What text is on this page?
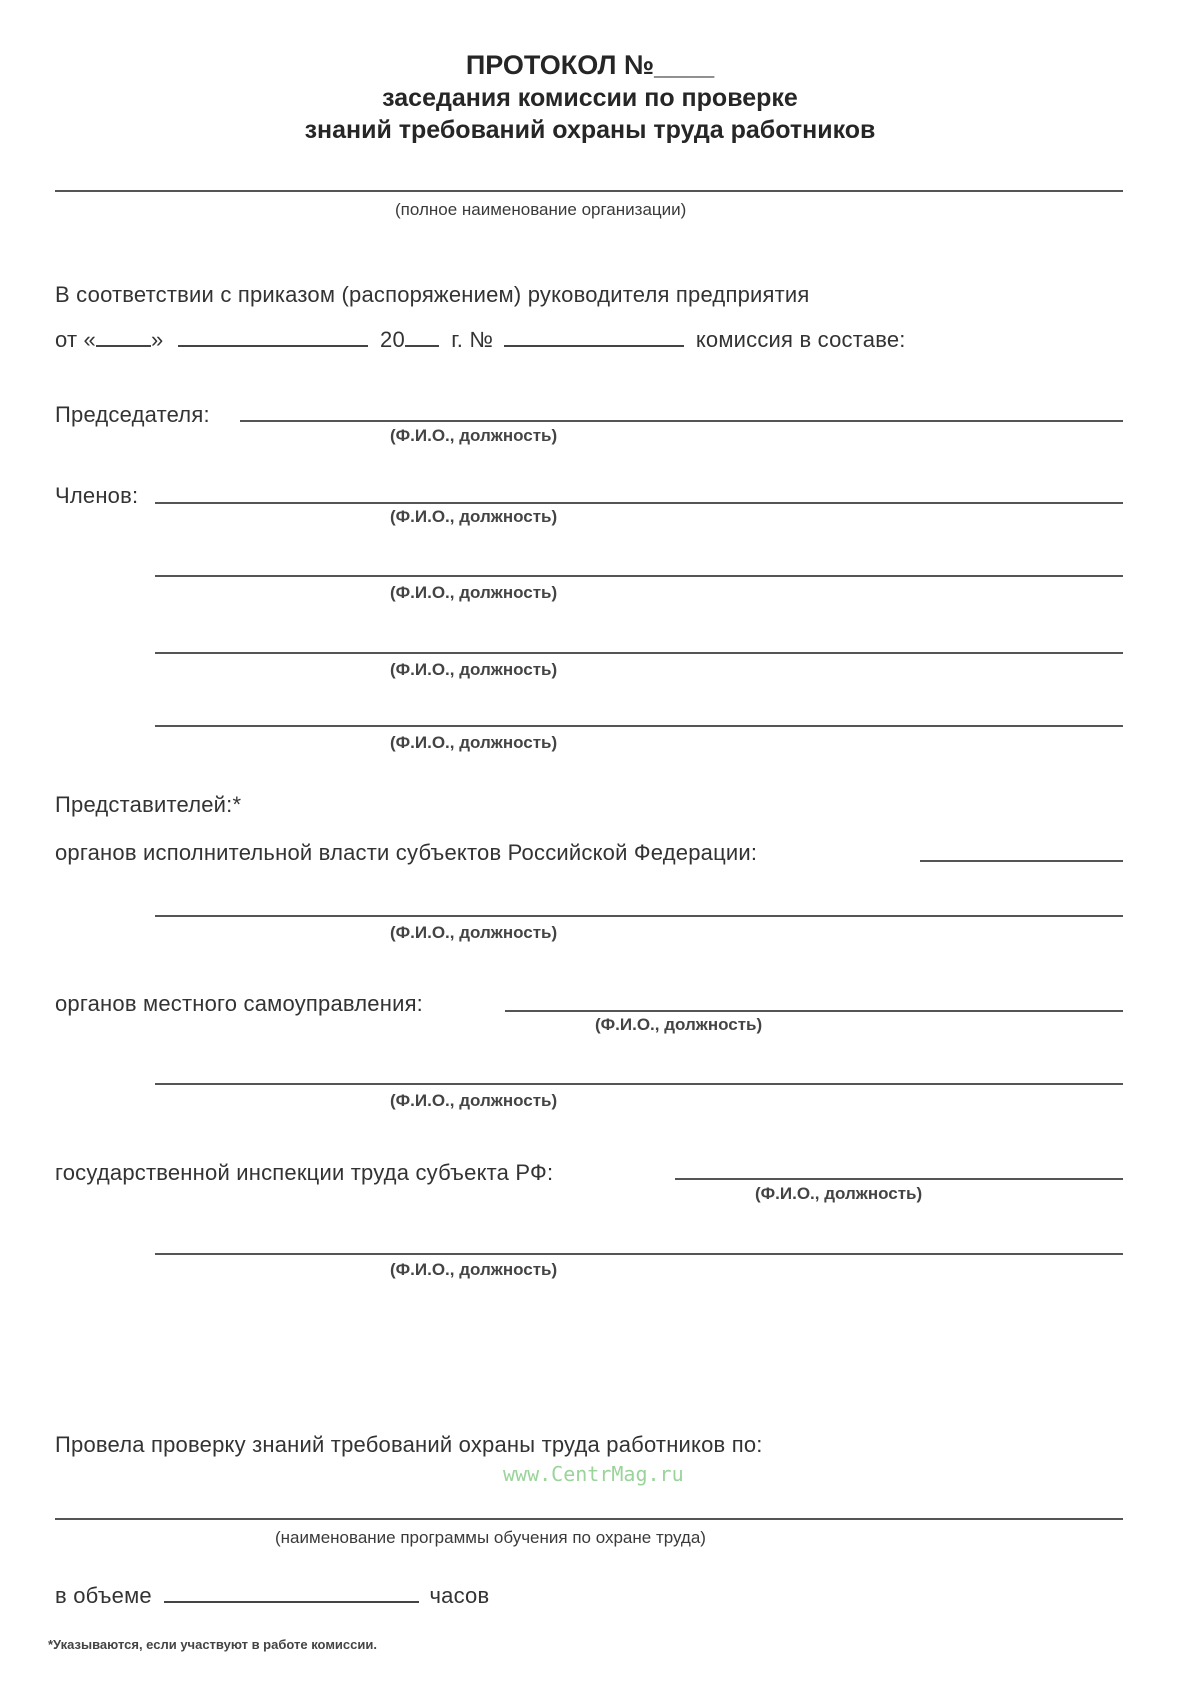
ПРОТОКОЛ №____
заседания комиссии по проверке
знаний требований охраны труда работников
(полное наименование организации)
В соответствии с приказом (распоряжением) руководителя предприятия
от «	»	20 г. №	комиссия в составе:
Председателя:
(Ф.И.О., должность)
Членов:
(Ф.И.О., должность)
(Ф.И.О., должность)
(Ф.И.О., должность)
(Ф.И.О., должность)
Представителей:*
органов исполнительной власти субъектов Российской Федерации:
(Ф.И.О., должность)
органов местного самоуправления:
(Ф.И.О., должность)
(Ф.И.О., должность)
государственной инспекции труда субъекта РФ:
(Ф.И.О., должность)
(Ф.И.О., должность)
Провела проверку знаний требований охраны труда работников по:
www.CentrMag.ru
(наименование программы обучения по охране труда)
в объеме	часов
*Указываются, если участвуют в работе комиссии.
